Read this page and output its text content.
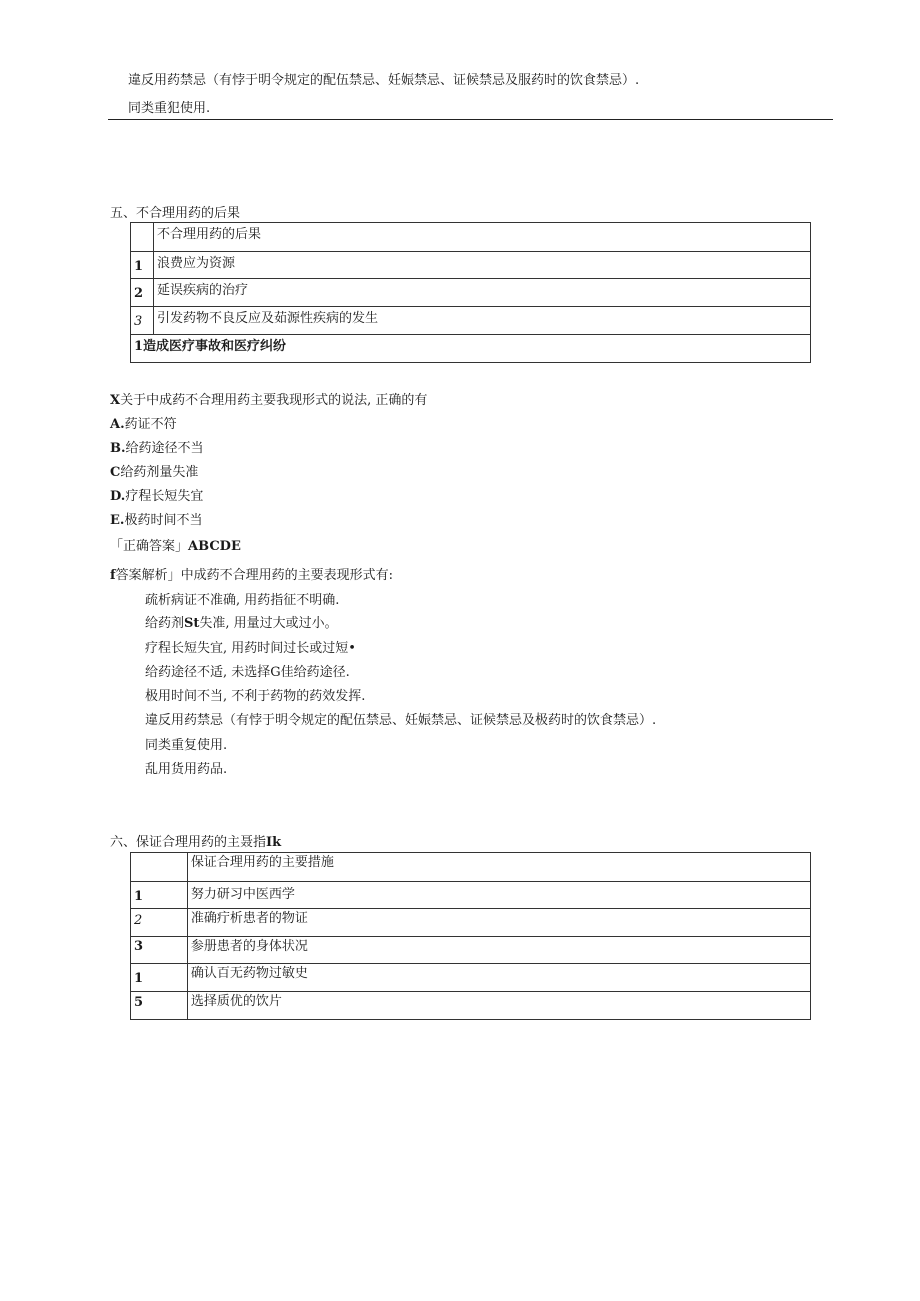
違反用药禁忌（有悖于明令规定的配伍禁忌、妊娠禁忌、证候禁忌及服药时的饮食禁忌）.
同类重犯使用.
五、不合理用药的后果
	不合理用药的后果
1	浪费应为资源
2	延误疾病的治疗
3	引发药物不良反应及茹源性疾病的发生
1造成医疗事故和医疗纠纷	
X关于中成药不合理用药主要我现形式的说法, 正确的有
A.药证不符
B.给药途径不当
C给药剂量失准
D.疗程长短失宜
E.极药时间不当
「正确答案」ABCDE
f答案解析」中成药不合理用药的主要表现形式有:
疏析病证不准确, 用药指征不明确.
给药剂St失准, 用量过大或过小。
疗程长短失宜, 用药时间过长或过短•
给药途径不适, 未选择G佳给药途径.
极用时间不当, 不利于药物的药效发挥.
違反用药禁忌（有悖于明令规定的配伍禁忌、妊娠禁忌、证候禁忌及极药时的饮食禁忌）.
同类重复使用.
乱用货用药品.
六、保证合理用药的主聂指Ik
	保证合理用药的主要措施
1	努力研习中医西学
2	准确疔析患者的物证
3	参册患者的身体状况
1	确认百无药物过敏史
5	选择质优的饮片
